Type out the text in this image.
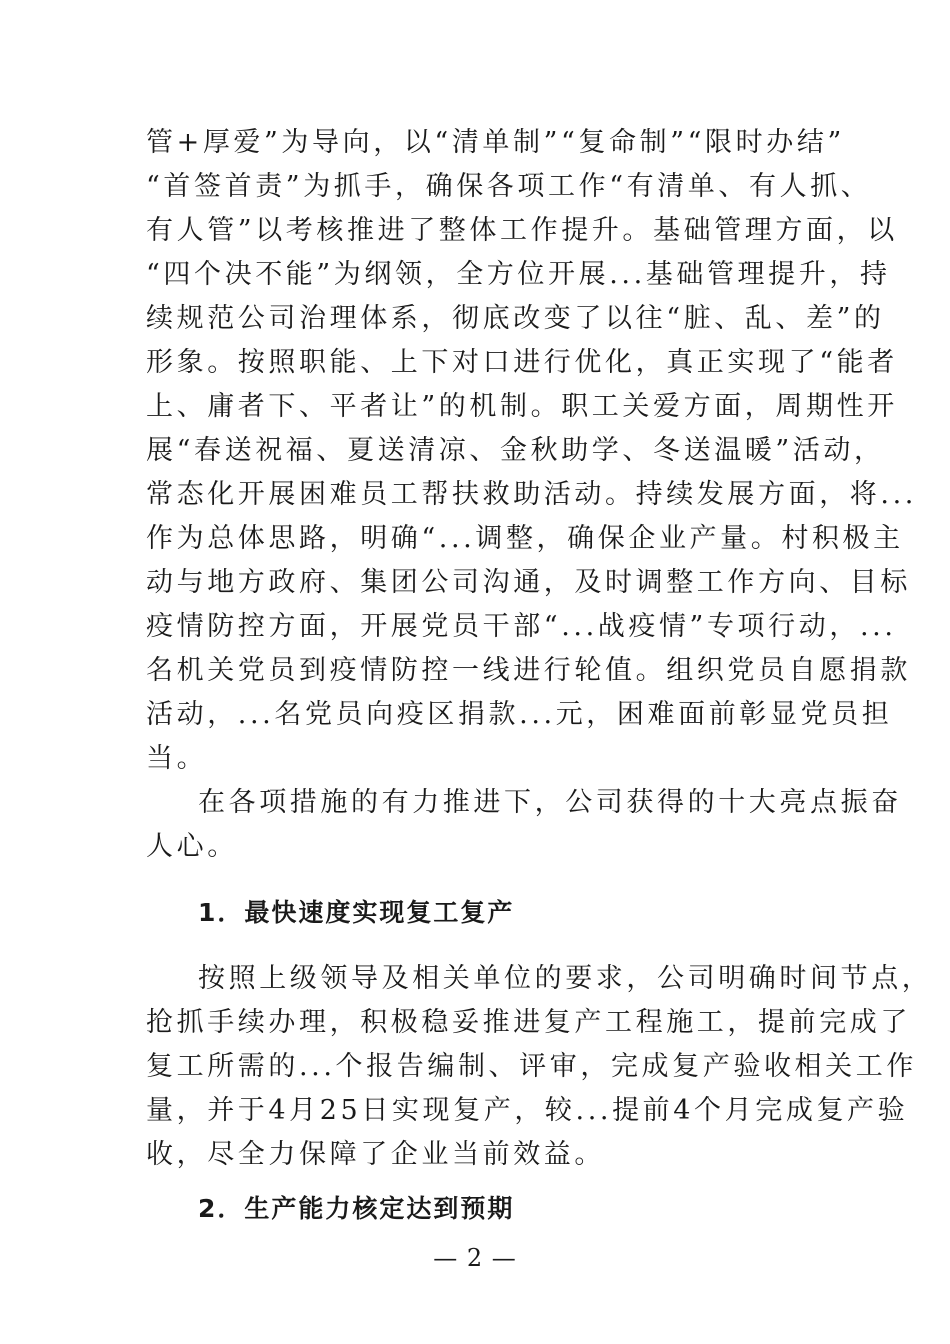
管+厚爱”为导向，以“清单制”“复命制”“限时办结”
“首签首责”为抓手，确保各项工作“有清单、有人抓、
有人管”以考核推进了整体工作提升。基础管理方面，以
“四个决不能”为纲领，全方位开展...基础管理提升，持
续规范公司治理体系，彻底改变了以往“脏、乱、差”的
形象。按照职能、上下对口进行优化，真正实现了“能者
上、庸者下、平者让”的机制。职工关爱方面，周期性开
展“春送祝福、夏送清凉、金秋助学、冬送温暖”活动，
常态化开展困难员工帮扶救助活动。持续发展方面，将...
作为总体思路，明确“...调整，确保企业产量。村积极主
动与地方政府、集团公司沟通，及时调整工作方向、目标
疫情防控方面，开展党员干部“...战疫情”专项行动，...
名机关党员到疫情防控一线进行轮值。组织党员自愿捐款
活动，...名党员向疫区捐款...元，困难面前彰显党员担
当。
在各项措施的有力推进下，公司获得的十大亮点振奋
人心。
1．最快速度实现复工复产
按照上级领导及相关单位的要求，公司明确时间节点，
抢抓手续办理，积极稳妥推进复产工程施工，提前完成了
复工所需的...个报告编制、评审，完成复产验收相关工作
量，并于4月25日实现复产，较...提前4个月完成复产验
收，尽全力保障了企业当前效益。
2．生产能力核定达到预期
— 2 —
